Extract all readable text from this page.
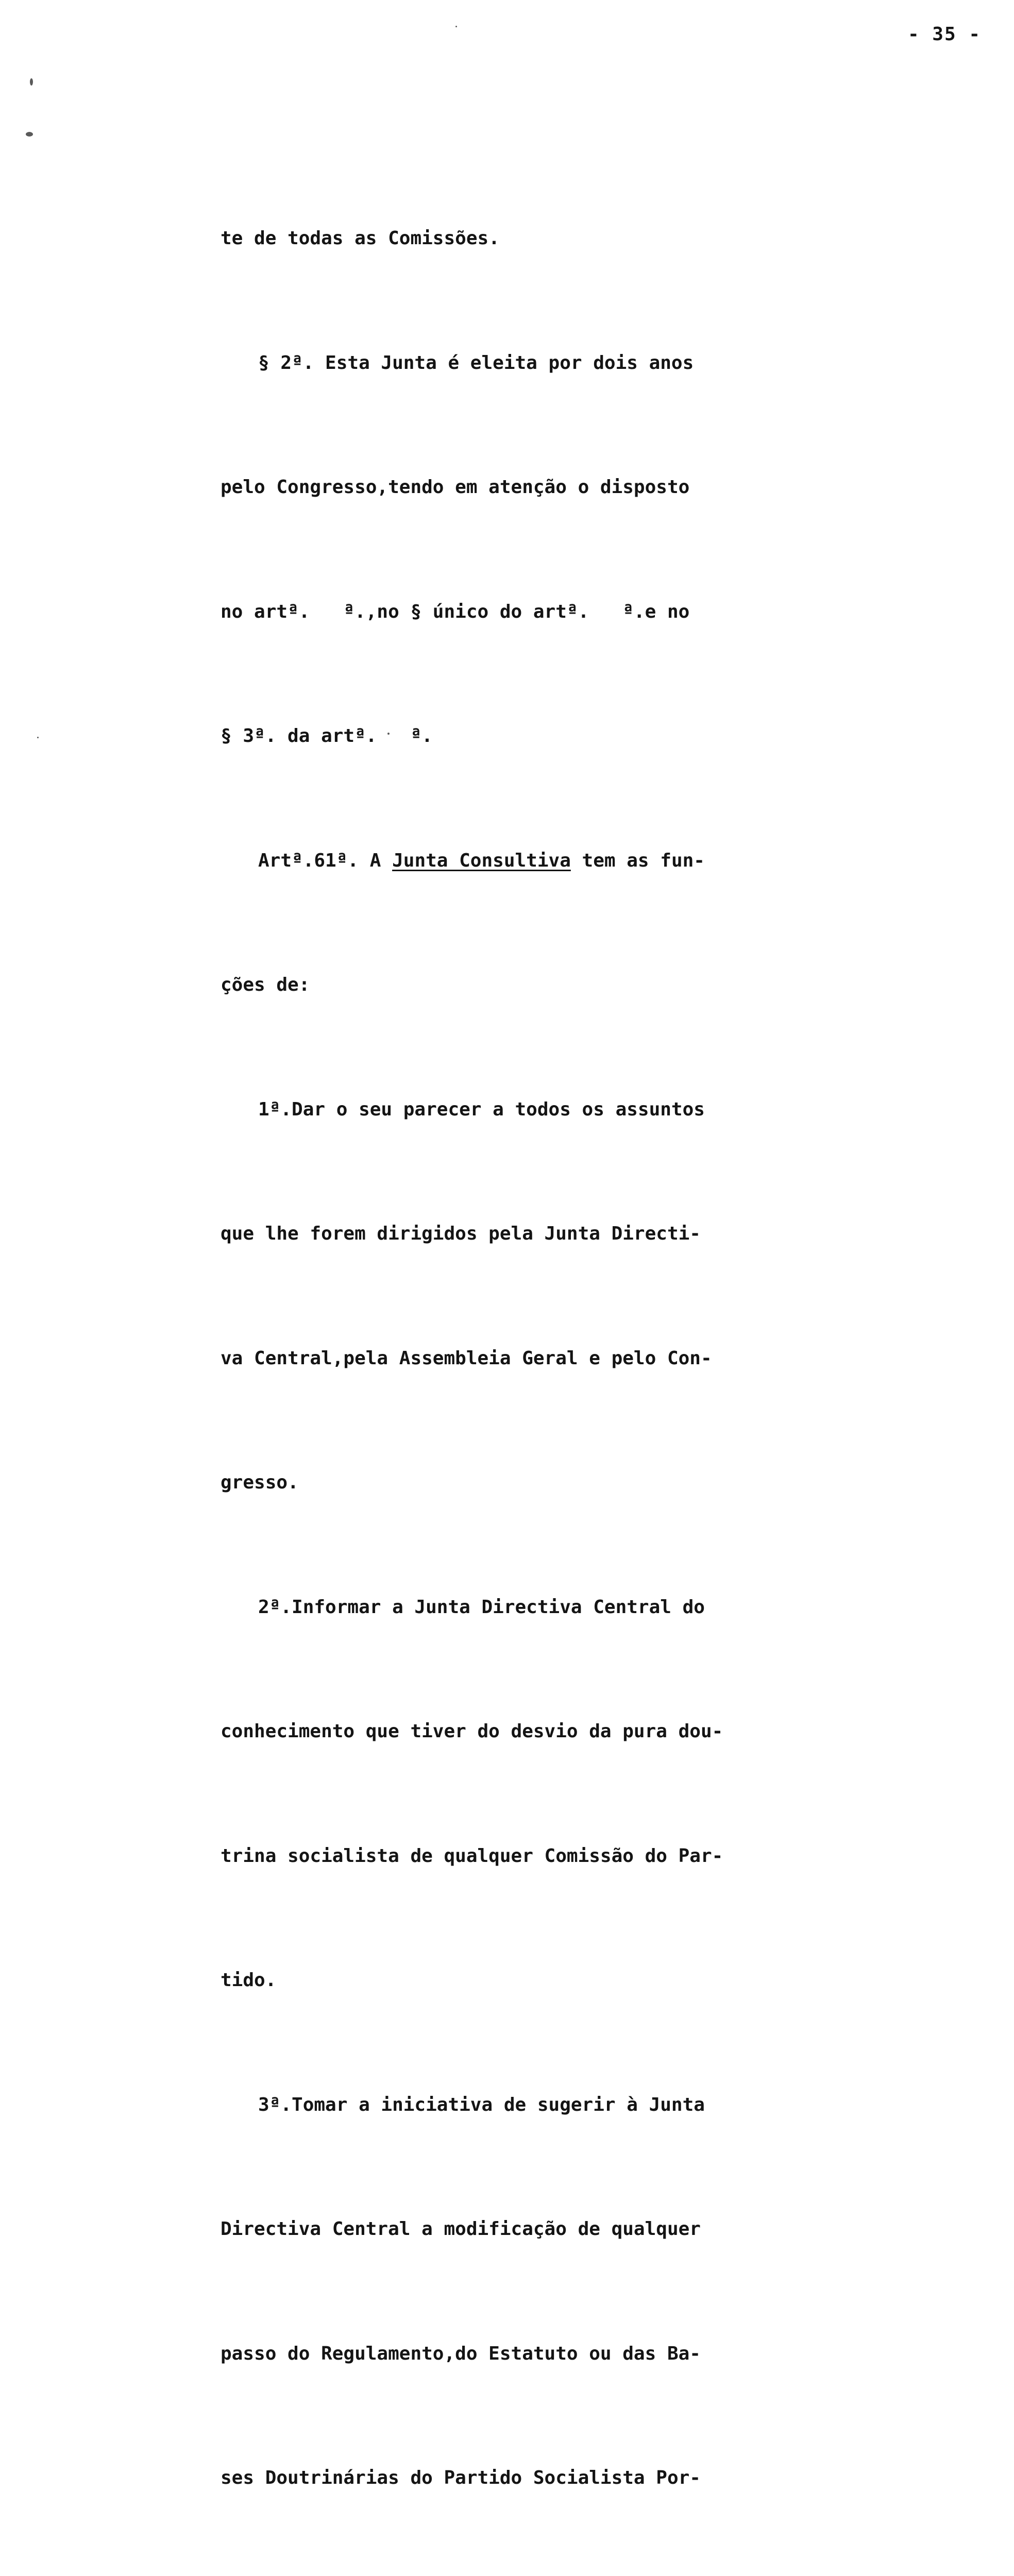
- 35 -

te de todas as Comissões.

§ 2ª. Esta Junta é eleita por dois anos

pelo Congresso,tendo em atenção o disposto

no artª.   ª.,no § único do artª.   ª.e no

§ 3ª. da artª.   ª.

Artª.61ª. A Junta Consultiva tem as fun-

ções de:

1ª.Dar o seu parecer a todos os assuntos

que lhe forem dirigidos pela Junta Directi-

va Central,pela Assembleia Geral e pelo Con-

gresso.

2ª.Informar a Junta Directiva Central do

conhecimento que tiver do desvio da pura dou-

trina socialista de qualquer Comissão do Par-

tido.

3ª.Tomar a iniciativa de sugerir à Junta

Directiva Central a modificação de qualquer

passo do Regulamento,do Estatuto ou das Ba-

ses Doutrinárias do Partido Socialista Por-
